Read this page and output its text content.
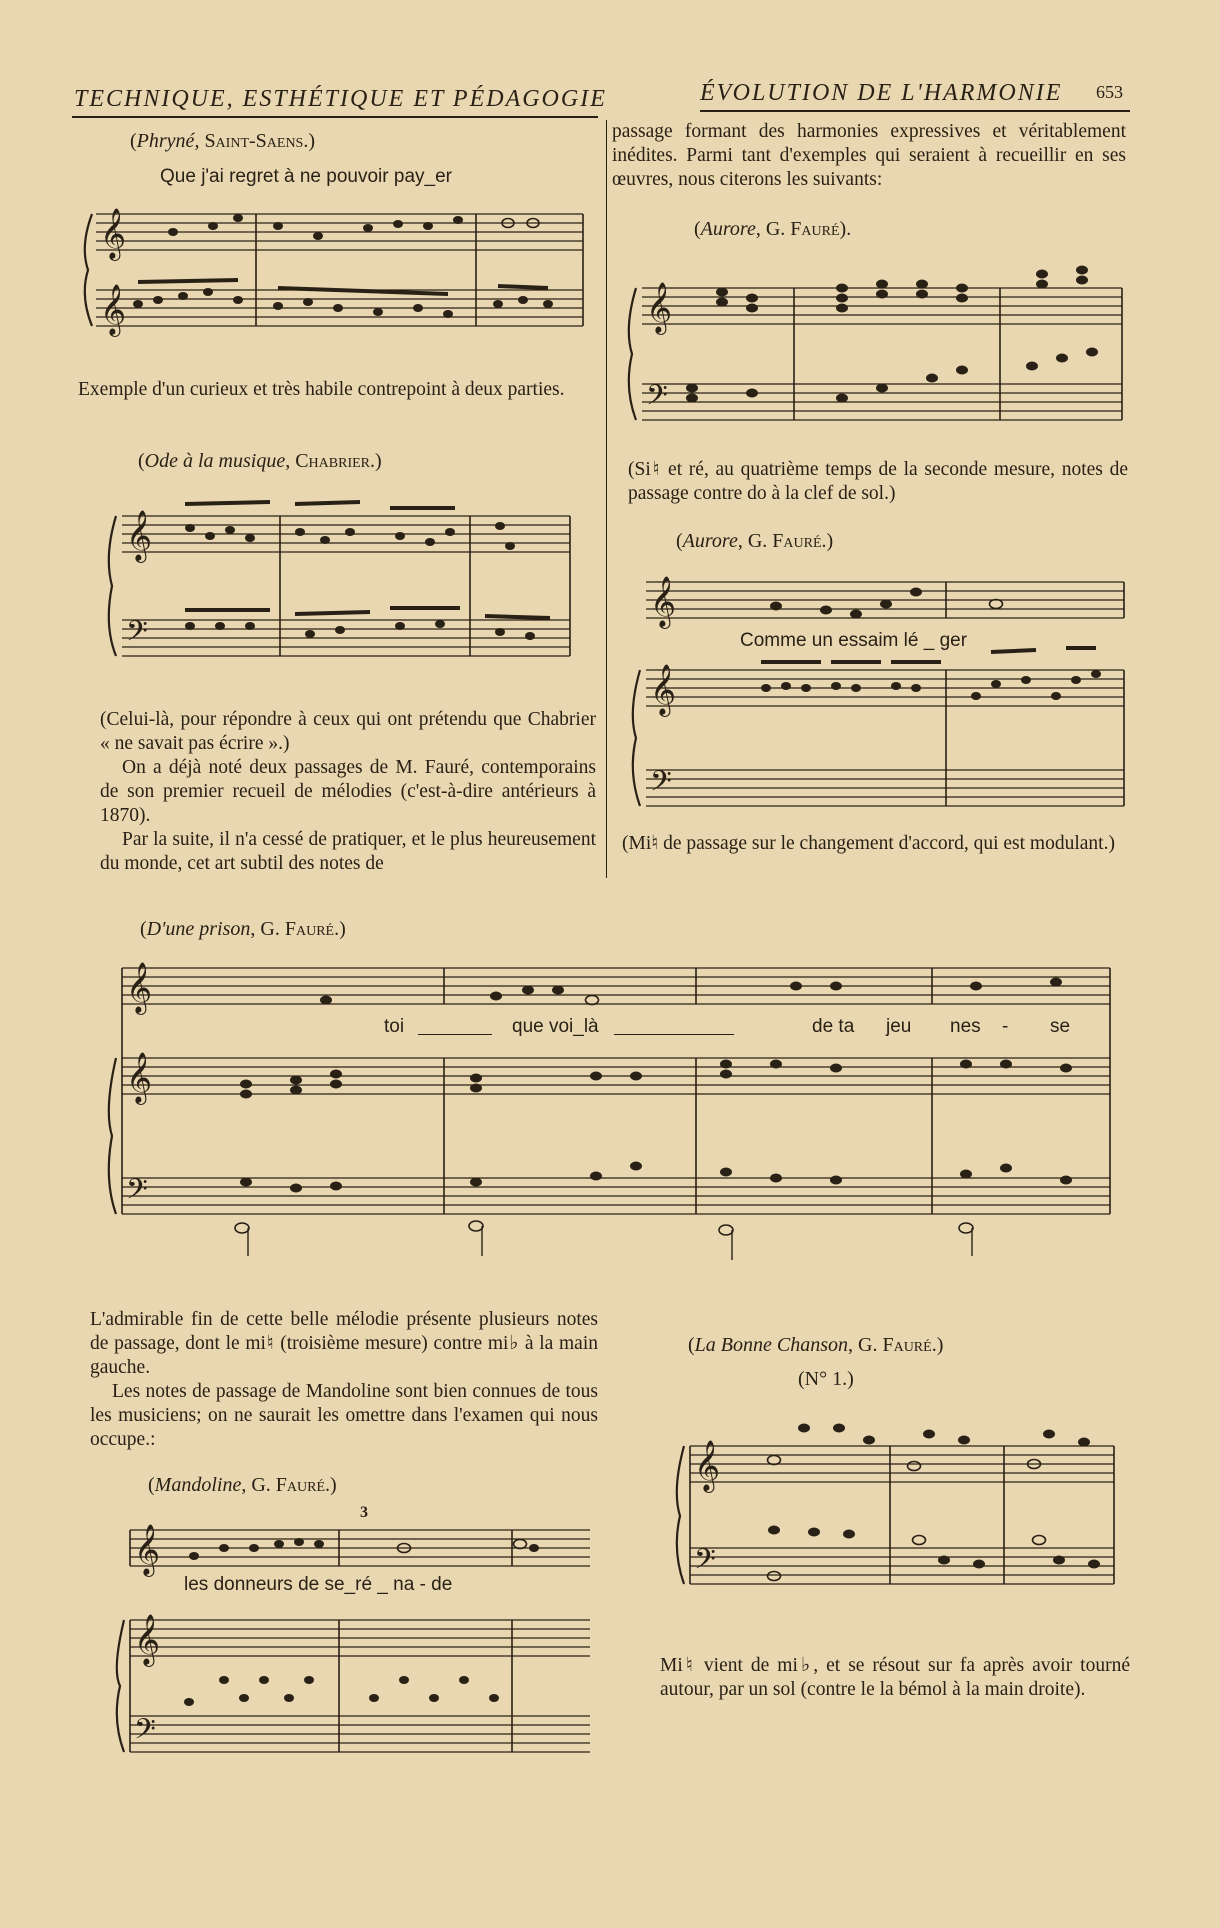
TECHNIQUE, ESTHÉTIQUE ET PÉDAGOGIE	ÉVOLUTION DE L'HARMONIE 653
(Phryné, Saint-Saens.)
Que j'ai regret à ne pouvoir pay_er
𝄞
𝄞
Exemple d'un curieux et très habile contrepoint à deux parties.
(Ode à la musique, Chabrier.)
𝄞
𝄢
(Celui-là, pour répondre à ceux qui ont prétendu que Chabrier « ne savait pas écrire ».)
On a déjà noté deux passages de M. Fauré, contemporains de son premier recueil de mélodies (c'est-à-dire antérieurs à 1870).
Par la suite, il n'a cessé de pratiquer, et le plus heureusement du monde, cet art subtil des notes de
passage formant des harmonies expressives et véritablement inédites. Parmi tant d'exemples qui seraient à recueillir en ses œuvres, nous citerons les suivants:
(Aurore, G. Fauré).
𝄞
𝄢
(Si♮ et ré, au quatrième temps de la seconde mesure, notes de passage contre do à la clef de sol.)
(Aurore, G. Fauré.)
𝄞
𝄞
𝄢
Comme un essaim lé _ ger
(Mi♮ de passage sur le changement d'accord, qui est modulant.)
(D'une prison, G. Fauré.)
𝄞
𝄞
𝄢
toi	que voi_là	de ta jeu nes - se
L'admirable fin de cette belle mélodie présente plusieurs notes de passage, dont le mi♮ (troisième mesure) contre mi♭ à la main gauche.
Les notes de passage de Mandoline sont bien connues de tous les musiciens; on ne saurait les omettre dans l'examen qui nous occupe.:
(Mandoline, G. Fauré.)
3
𝄞
𝄞
𝄢
les donneurs de se_ré _ na - de
(La Bonne Chanson, G. Fauré.)
(N° 1.)
𝄞
𝄢
Mi♮ vient de mi♭, et se résout sur fa après avoir tourné autour, par un sol (contre le la bémol à la main droite).
